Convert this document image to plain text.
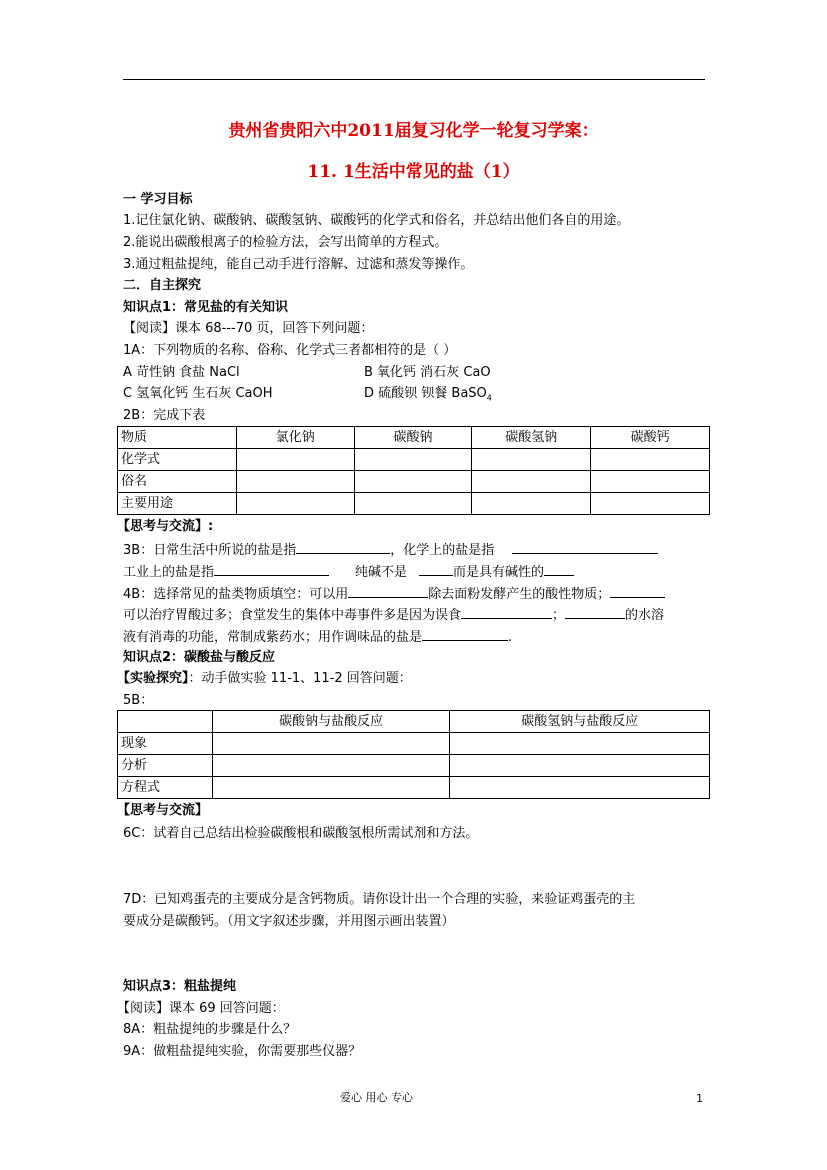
贵州省贵阳六中2011届复习化学一轮复习学案：
11. 1生活中常见的盐（1）
一 学习目标
1.记住氯化钠、碳酸钠、碳酸氢钠、碳酸钙的化学式和俗名，并总结出他们各自的用途。
2.能说出碳酸根离子的检验方法，会写出简单的方程式。
3.通过粗盐提纯，能自己动手进行溶解、过滤和蒸发等操作。
二．自主探究
知识点1：常见盐的有关知识
【阅读】课本 68---70 页，回答下列问题：
1A：下列物质的名称、俗称、化学式三者都相符的是（ ）
A 苛性钠 食盐 NaCl	B 氧化钙 消石灰 CaO
C 氢氧化钙 生石灰 CaOH	D 硫酸钡 钡餐 BaSO$_4$
2B：完成下表
物质	氯化钠	碳酸钠	碳酸氢钠	碳酸钙
化学式				
俗名				
主要用途				
【思考与交流】:
3B：日常生活中所说的盐是指	，化学上的盐是指
工业上的盐是指	纯碱不是	而是具有碱性的
4B：选择常见的盐类物质填空：可以用	除去面粉发酵产生的酸性物质；
可以治疗胃酸过多；食堂发生的集体中毒事件多是因为误食	；	的水溶
液有消毒的功能，常制成紫药水；用作调味品的盐是	.
知识点2：碳酸盐与酸反应
【实验探究】：动手做实验 11-1、11-2 回答问题：
5B：
	碳酸钠与盐酸反应	碳酸氢钠与盐酸反应
现象		
分析		
方程式		
【思考与交流】
6C：试着自己总结出检验碳酸根和碳酸氢根所需试剂和方法。
7D：已知鸡蛋壳的主要成分是含钙物质。请你设计出一个合理的实验，来验证鸡蛋壳的主
要成分是碳酸钙。（用文字叙述步骤，并用图示画出装置）
知识点3：粗盐提纯
【阅读】课本 69 回答问题：
8A：粗盐提纯的步骤是什么？
9A：做粗盐提纯实验，你需要那些仪器？
爱心 用心 专心	1
